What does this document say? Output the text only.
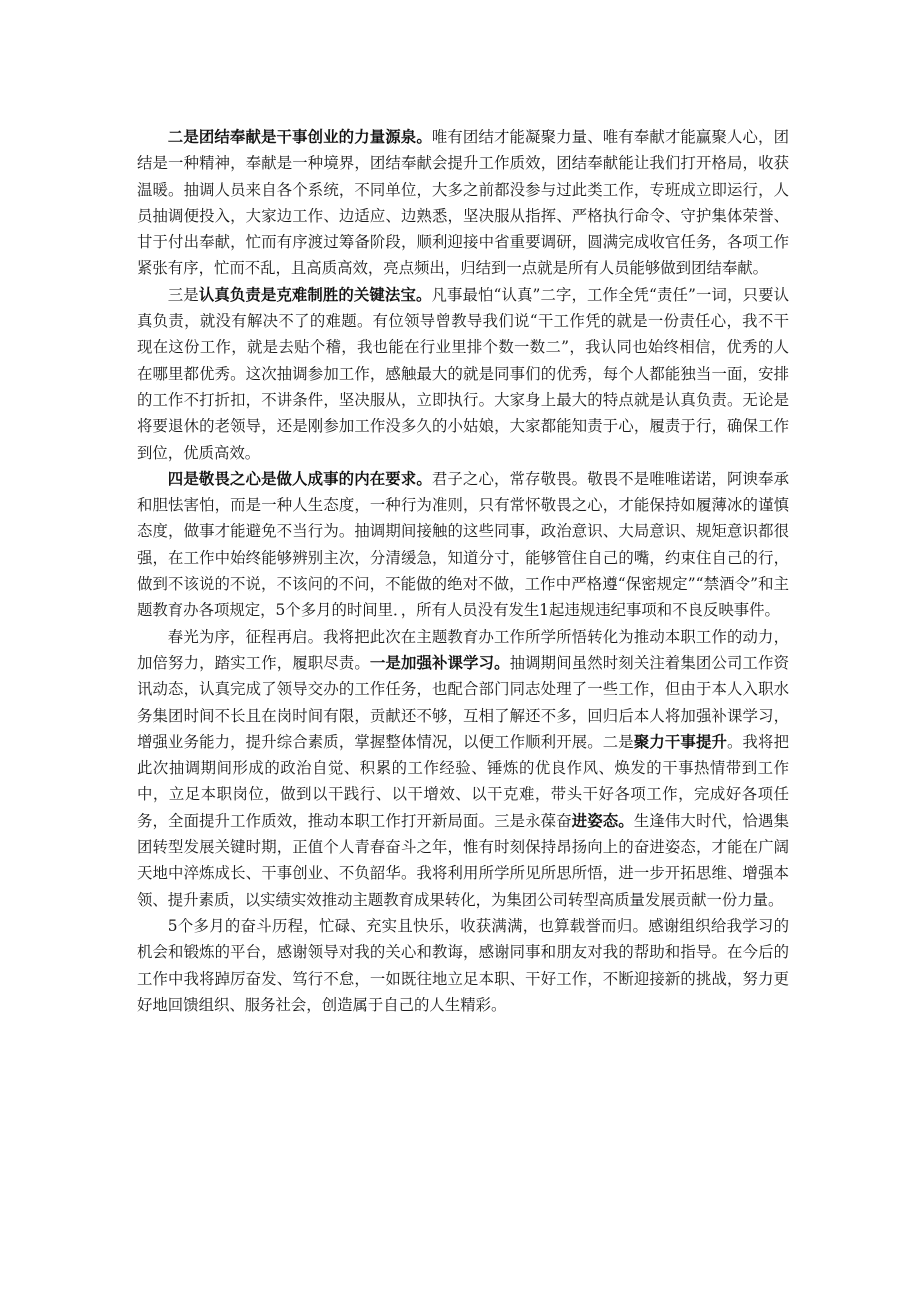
二是团结奉献是干事创业的力量源泉。唯有团结才能凝聚力量、唯有奉献才能赢聚人心，团结是一种精神，奉献是一种境界，团结奉献会提升工作质效，团结奉献能让我们打开格局，收获温暖。抽调人员来自各个系统，不同单位，大多之前都没参与过此类工作，专班成立即运行，人员抽调便投入，大家边工作、边适应、边熟悉，坚决服从指挥、严格执行命令、守护集体荣誉、甘于付出奉献，忙而有序渡过筹备阶段，顺利迎接中省重要调研，圆满完成收官任务，各项工作紧张有序，忙而不乱，且高质高效，亮点频出，归结到一点就是所有人员能够做到团结奉献。

三是认真负责是克难制胜的关键法宝。凡事最怕“认真”二字，工作全凭“责任”一词，只要认真负责，就没有解决不了的难题。有位领导曾教导我们说“干工作凭的就是一份责任心，我不干现在这份工作，就是去贴个稽，我也能在行业里排个数一数二”，我认同也始终相信，优秀的人在哪里都优秀。这次抽调参加工作，感触最大的就是同事们的优秀，每个人都能独当一面，安排的工作不打折扣，不讲条件，坚决服从，立即执行。大家身上最大的特点就是认真负责。无论是将要退休的老领导，还是刚参加工作没多久的小姑娘，大家都能知责于心，履责于行，确保工作到位，优质高效。

四是敬畏之心是做人成事的内在要求。君子之心，常存敬畏。敬畏不是唯唯诺诺，阿谀奉承和胆怯害怕，而是一种人生态度，一种行为准则，只有常怀敬畏之心，才能保持如履薄冰的谨慎态度，做事才能避免不当行为。抽调期间接触的这些同事，政治意识、大局意识、规矩意识都很强，在工作中始终能够辨别主次，分清缓急，知道分寸，能够管住自己的嘴，约束住自己的行，做到不该说的不说，不该问的不问，不能做的绝对不做，工作中严格遵“保密规定”“禁酒令”和主题教育办各项规定，5个多月的时间里．，所有人员没有发生1起违规违纪事项和不良反映事件。

春光为序，征程再启。我将把此次在主题教育办工作所学所悟转化为推动本职工作的动力，加倍努力，踏实工作，履职尽责。一是加强补课学习。抽调期间虽然时刻关注着集团公司工作资讯动态，认真完成了领导交办的工作任务，也配合部门同志处理了一些工作，但由于本人入职水务集团时间不长且在岗时间有限，贡献还不够，互相了解还不多，回归后本人将加强补课学习，增强业务能力，提升综合素质，掌握整体情况，以便工作顺利开展。二是聚力干事提升。我将把此次抽调期间形成的政治自觉、积累的工作经验、锤炼的优良作风、焕发的干事热情带到工作中，立足本职岗位，做到以干践行、以干增效、以干克难，带头干好各项工作，完成好各项任务，全面提升工作质效，推动本职工作打开新局面。三是永葆奋进姿态。生逢伟大时代，恰遇集团转型发展关键时期，正值个人青春奋斗之年，惟有时刻保持昂扬向上的奋进姿态，才能在广阔天地中淬炼成长、干事创业、不负韶华。我将利用所学所见所思所悟，进一步开拓思维、增强本领、提升素质，以实绩实效推动主题教育成果转化，为集团公司转型高质量发展贡献一份力量。

5个多月的奋斗历程，忙碌、充实且快乐，收获满满，也算载誉而归。感谢组织给我学习的机会和锻炼的平台，感谢领导对我的关心和教诲，感谢同事和朋友对我的帮助和指导。在今后的工作中我将踔厉奋发、笃行不怠，一如既往地立足本职、干好工作，不断迎接新的挑战，努力更好地回馈组织、服务社会，创造属于自己的人生精彩。
